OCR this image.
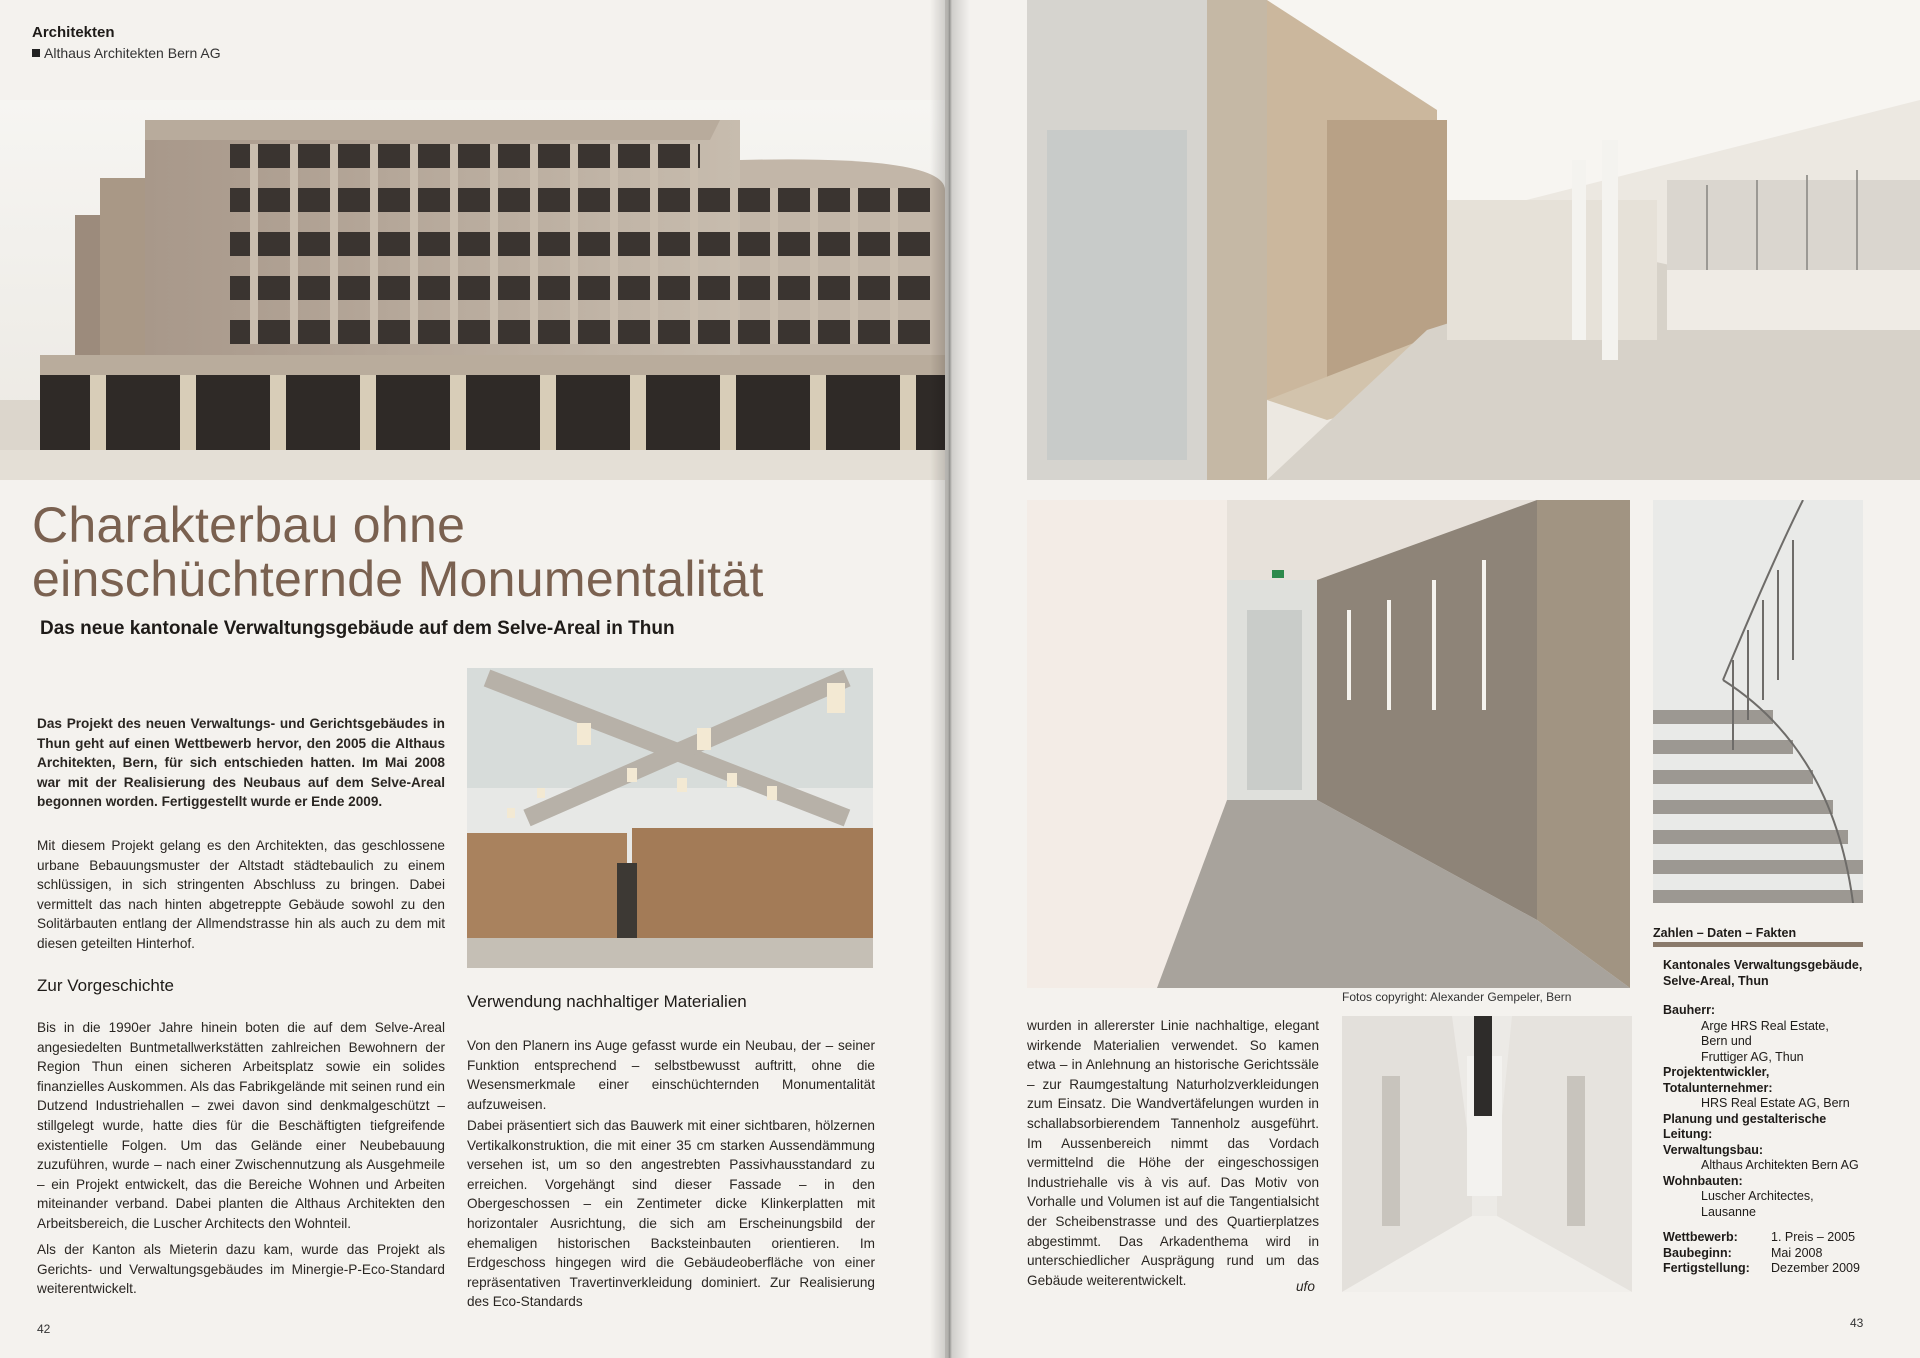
Architekten
Althaus Architekten Bern AG
Charakterbau ohne
einschüchternde Monumentalität
Das neue kantonale Verwaltungsgebäude auf dem Selve-Areal in Thun
Das Projekt des neuen Verwaltungs- und Gerichtsgebäudes in Thun geht auf einen Wettbewerb hervor, den 2005 die Althaus Architekten, Bern, für sich entschieden hatten. Im Mai 2008 war mit der Realisierung des Neubaus auf dem Selve-Areal begonnen worden. Fertiggestellt wurde er Ende 2009.
Mit diesem Projekt gelang es den Architekten, das geschlossene urbane Bebauungsmuster der Altstadt städtebaulich zu einem schlüssigen, in sich stringenten Abschluss zu bringen. Dabei vermittelt das nach hinten abgetreppte Gebäude sowohl zu den Solitärbauten entlang der Allmendstrasse hin als auch zu dem mit diesen geteilten Hinterhof.
Zur Vorgeschichte
Bis in die 1990er Jahre hinein boten die auf dem Selve-Areal angesiedelten Buntmetallwerkstätten zahlreichen Bewohnern der Region Thun einen sicheren Arbeitsplatz sowie ein solides finanzielles Auskommen. Als das Fabrikgelände mit seinen rund ein Dutzend Industriehallen – zwei davon sind denkmalgeschützt – stillgelegt wurde, hatte dies für die Beschäftigten tiefgreifende existentielle Folgen. Um das Gelände einer Neubebauung zuzuführen, wurde – nach einer Zwischennutzung als Ausgehmeile – ein Projekt entwickelt, das die Bereiche Wohnen und Arbeiten miteinander verband. Dabei planten die Althaus Architekten den Arbeitsbereich, die Luscher Architects den Wohnteil.
Als der Kanton als Mieterin dazu kam, wurde das Projekt als Gerichts- und Verwaltungsgebäudes im Minergie-P-Eco-Standard weiterentwickelt.
Verwendung nachhaltiger Materialien
Von den Planern ins Auge gefasst wurde ein Neubau, der – seiner Funktion entsprechend – selbstbewusst auftritt, ohne die Wesensmerkmale einer einschüchternden Monumentalität aufzuweisen.
Dabei präsentiert sich das Bauwerk mit einer sichtbaren, hölzernen Vertikalkonstruktion, die mit einer 35 cm starken Aussendämmung versehen ist, um so den angestrebten Passivhausstandard zu erreichen. Vorgehängt sind dieser Fassade – in den Obergeschossen – ein Zentimeter dicke Klinkerplatten mit horizontaler Ausrichtung, die sich am Erscheinungsbild der ehemaligen historischen Backsteinbauten orientieren. Im Erdgeschoss hingegen wird die Gebäudeoberfläche von einer repräsentativen Travertinverkleidung dominiert. Zur Realisierung des Eco-Standards
42
Zahlen – Daten – Fakten
Kantonales Verwaltungsgebäude, Selve-Areal, Thun
Bauherr:
Arge HRS Real Estate,
Bern und
Fruttiger AG, Thun
Projektentwickler, Totalunternehmer:
HRS Real Estate AG, Bern
Planung und gestalterische Leitung:
Verwaltungsbau:
Althaus Architekten Bern AG
Wohnbauten:
Luscher Architectes,
Lausanne
Wettbewerb:	1. Preis – 2005
Baubeginn:	Mai 2008
Fertigstellung:	Dezember 2009
Fotos copyright: Alexander Gempeler, Bern
wurden in allererster Linie nachhaltige, elegant wirkende Materialien verwendet. So kamen etwa – in Anlehnung an historische Gerichtssäle – zur Raumgestaltung Naturholzverkleidungen zum Einsatz. Die Wandvertäfelungen wurden in schallabsorbierendem Tannenholz ausgeführt. Im Aussenbereich nimmt das Vordach vermittelnd die Höhe der eingeschossigen Industriehalle vis à vis auf. Das Motiv von Vorhalle und Volumen ist auf die Tangentialsicht der Scheibenstrasse und des Quartierplatzes abgestimmt. Das Arkadenthema wird in unterschiedlicher Ausprägung rund um das Gebäude weiterentwickelt.	ufo
43
